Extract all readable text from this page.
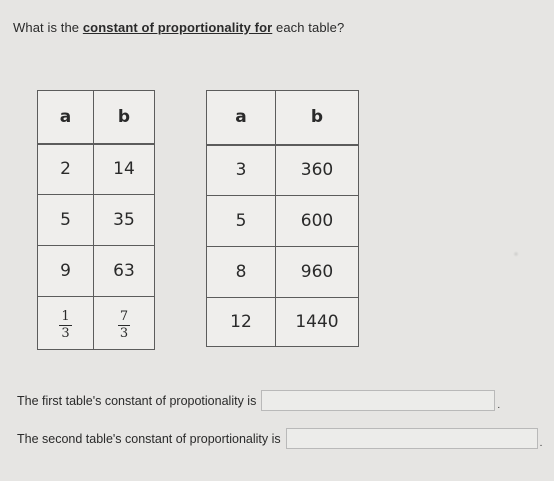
What is the constant of proportionality for each table?
a	b
2	14
5	35
9	63

$\frac{1}{3}$	$\frac{7}{3}$
a	b
3	360
5	600
8	960
12	1440
The first table's constant of propotionality is	.
The second table's constant of proportionality is	.
